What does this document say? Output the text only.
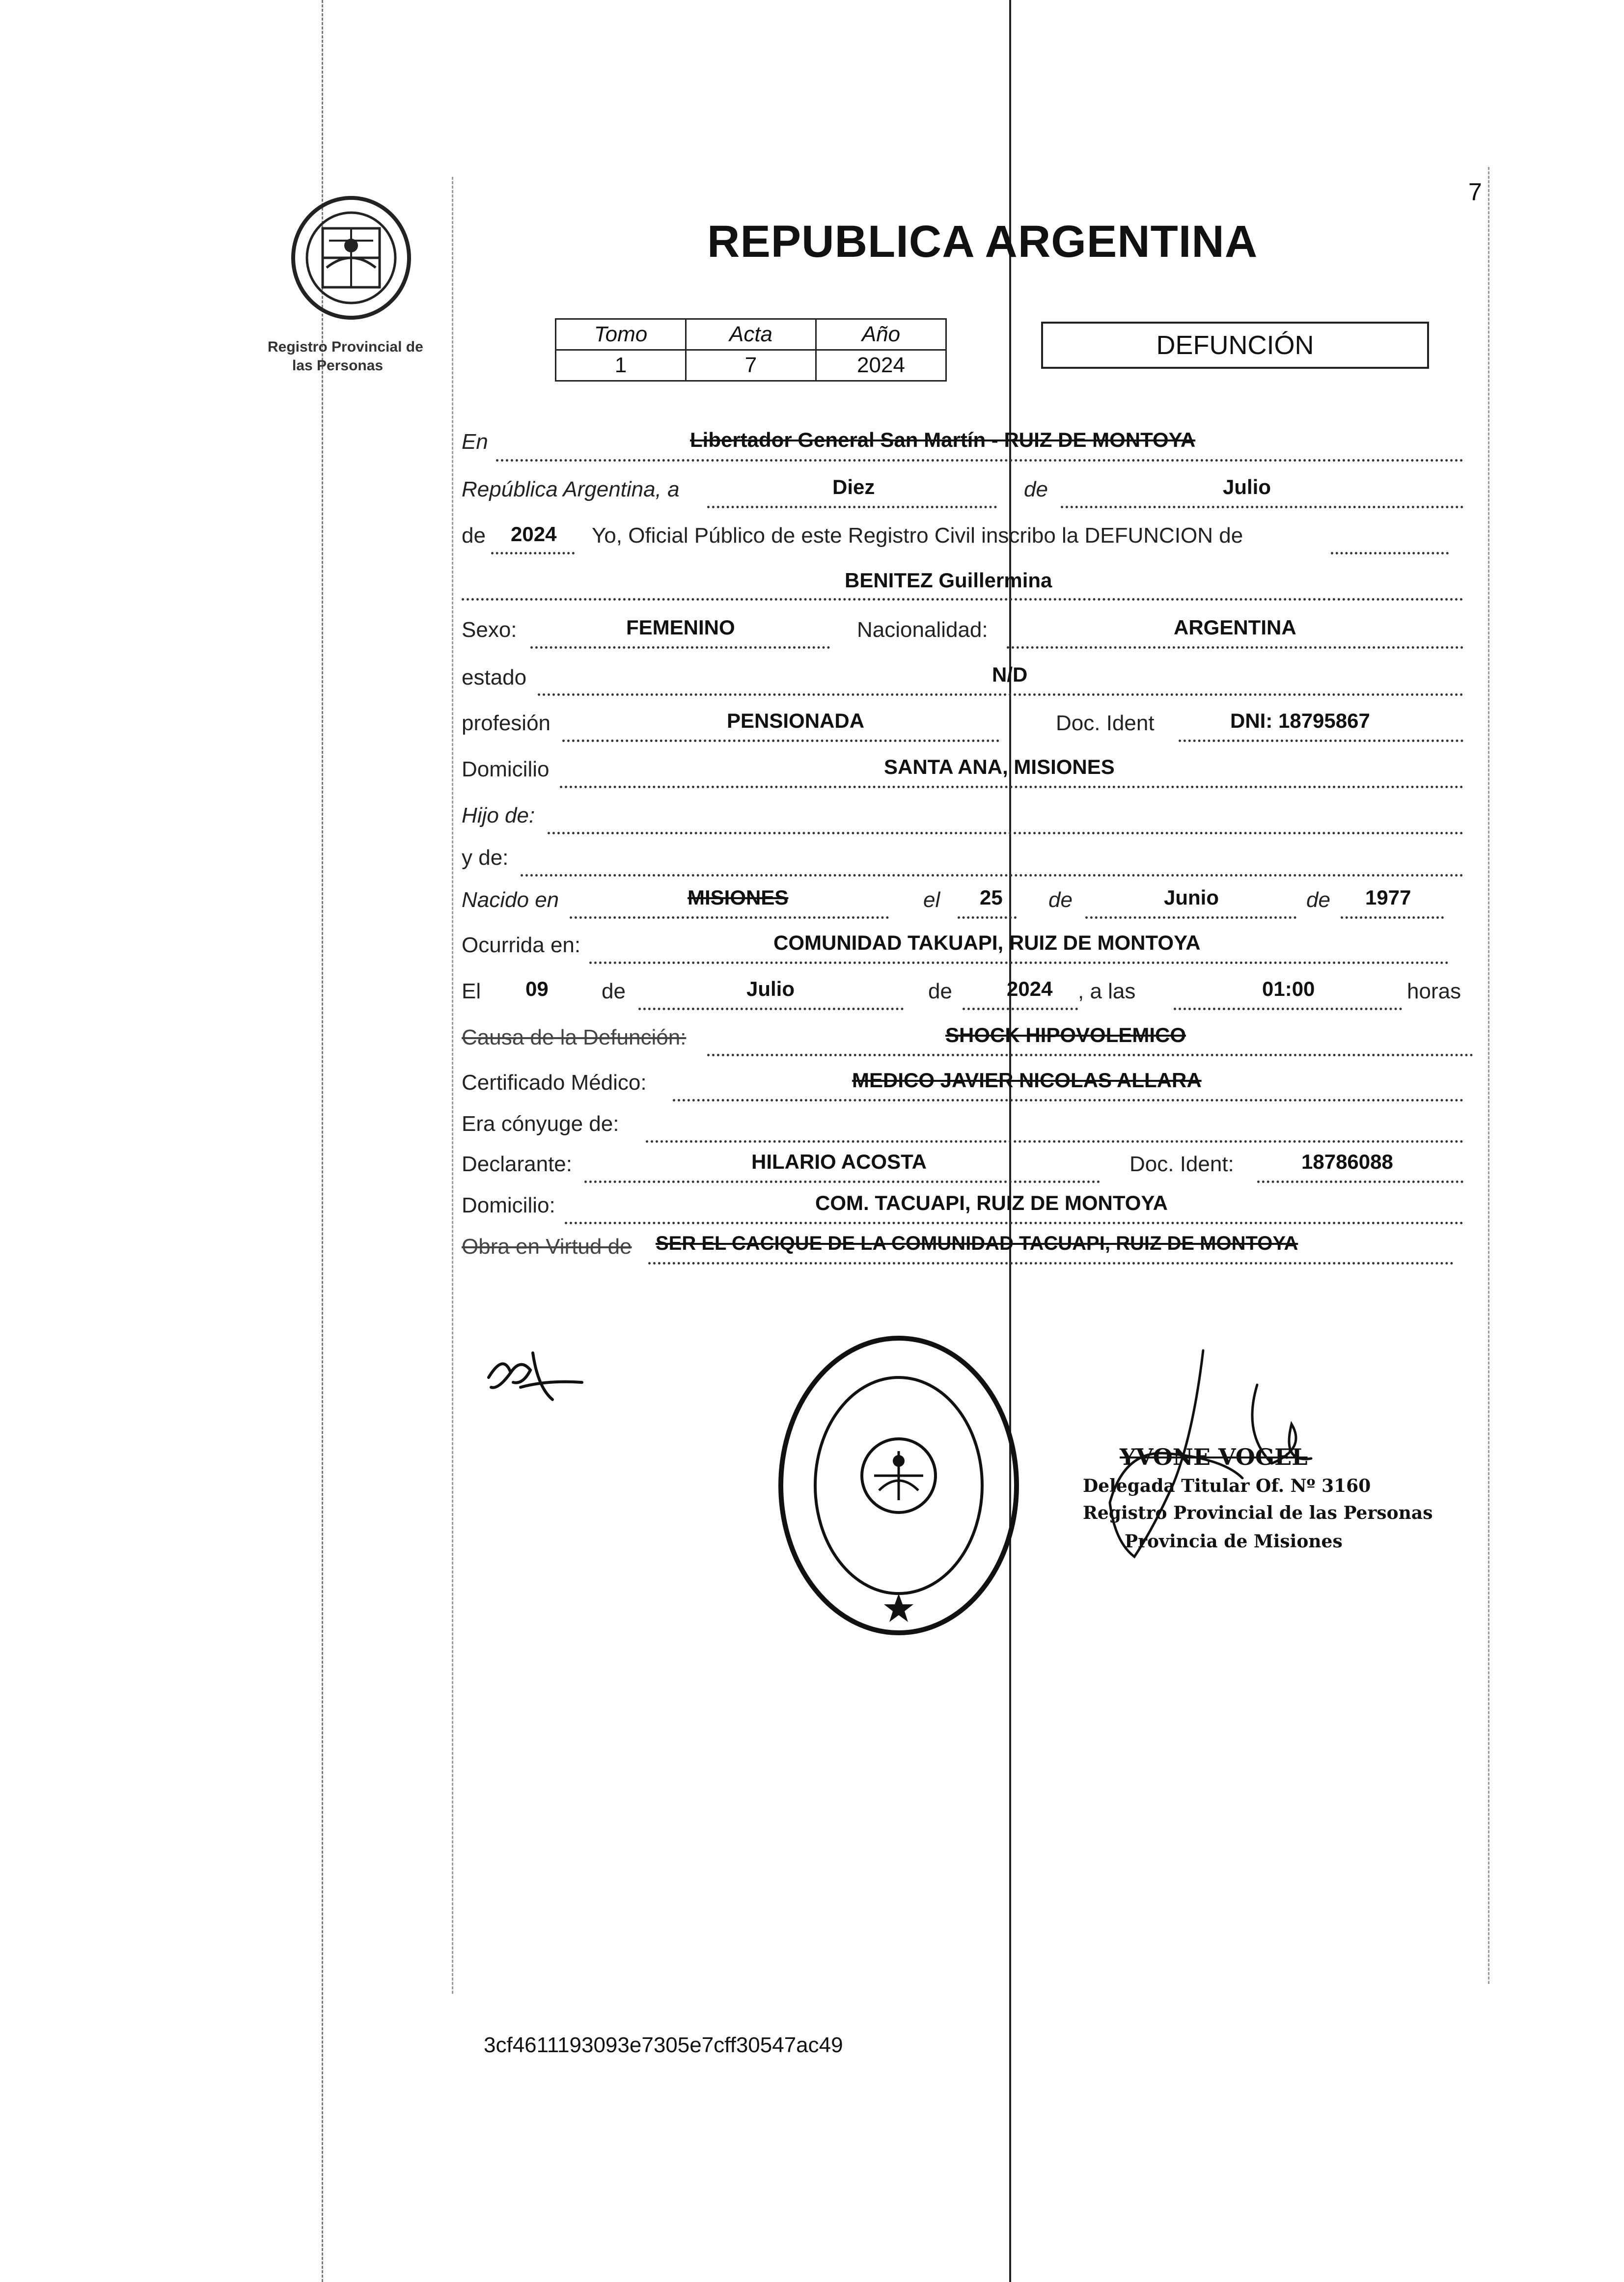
7
Registro Provincial de
las Personas
REPUBLICA ARGENTINA
Tomo	Acta	Año
1	7	2024
DEFUNCIÓN
En	Libertador General San Martín - RUIZ DE MONTOYA
República Argentina, a	Diez	de	Julio
de 2024 Yo, Oficial Público de este Registro Civil inscribo la DEFUNCION de
BENITEZ Guillermina
Sexo:	FEMENINO	Nacionalidad:	ARGENTINA
estado	N/D
profesión	PENSIONADA	Doc. Ident	DNI: 18795867
Domicilio	SANTA ANA, MISIONES
Hijo de:
y de:
Nacido en	MISIONES	el 25 de	Junio	de 1977
Ocurrida en:	COMUNIDAD TAKUAPI, RUIZ DE MONTOYA
El 09 de	Julio	de	2024 , a las	01:00	horas
Causa de la Defunción:	SHOCK HIPOVOLEMICO
Certificado Médico:	MEDICO JAVIER NICOLAS ALLARA
Era cónyuge de:
Declarante:	HILARIO ACOSTA	Doc. Ident:	18786088
Domicilio:	COM. TACUAPI, RUIZ DE MONTOYA
Obra en Virtud de SER EL CACIQUE DE LA COMUNIDAD TACUAPI, RUIZ DE MONTOYA
YVONE VOGEL
Delegada Titular Of. Nº 3160
Registro Provincial de las Personas
Provincia de Misiones
3cf4611193093e7305e7cff30547ac49
